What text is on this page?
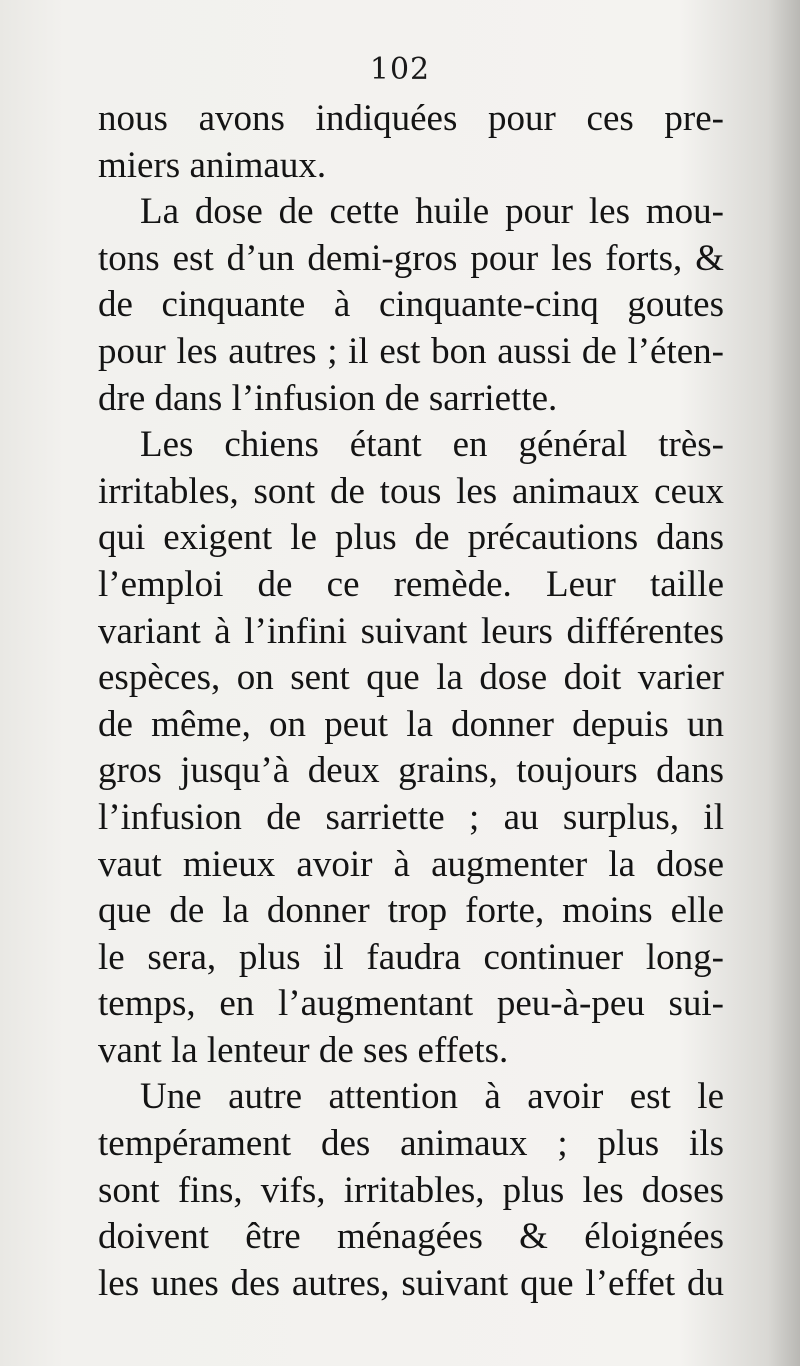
102
nous avons indiquées pour ces pre-
miers animaux.
La dose de cette huile pour les mou-
tons est d’un demi-gros pour les forts, &
de cinquante à cinquante-cinq goutes
pour les autres ; il est bon aussi de l’éten-
dre dans l’infusion de sarriette.
Les chiens étant en général très-
irritables, sont de tous les animaux ceux
qui exigent le plus de précautions dans
l’emploi de ce remède. Leur taille
variant à l’infini suivant leurs différentes
espèces, on sent que la dose doit varier
de même, on peut la donner depuis un
gros jusqu’à deux grains, toujours dans
l’infusion de sarriette ; au surplus, il
vaut mieux avoir à augmenter la dose
que de la donner trop forte, moins elle
le sera, plus il faudra continuer long-
temps, en l’augmentant peu-à-peu sui-
vant la lenteur de ses effets.
Une autre attention à avoir est le
tempérament des animaux ; plus ils
sont fins, vifs, irritables, plus les doses
doivent être ménagées & éloignées
les unes des autres, suivant que l’effet du
